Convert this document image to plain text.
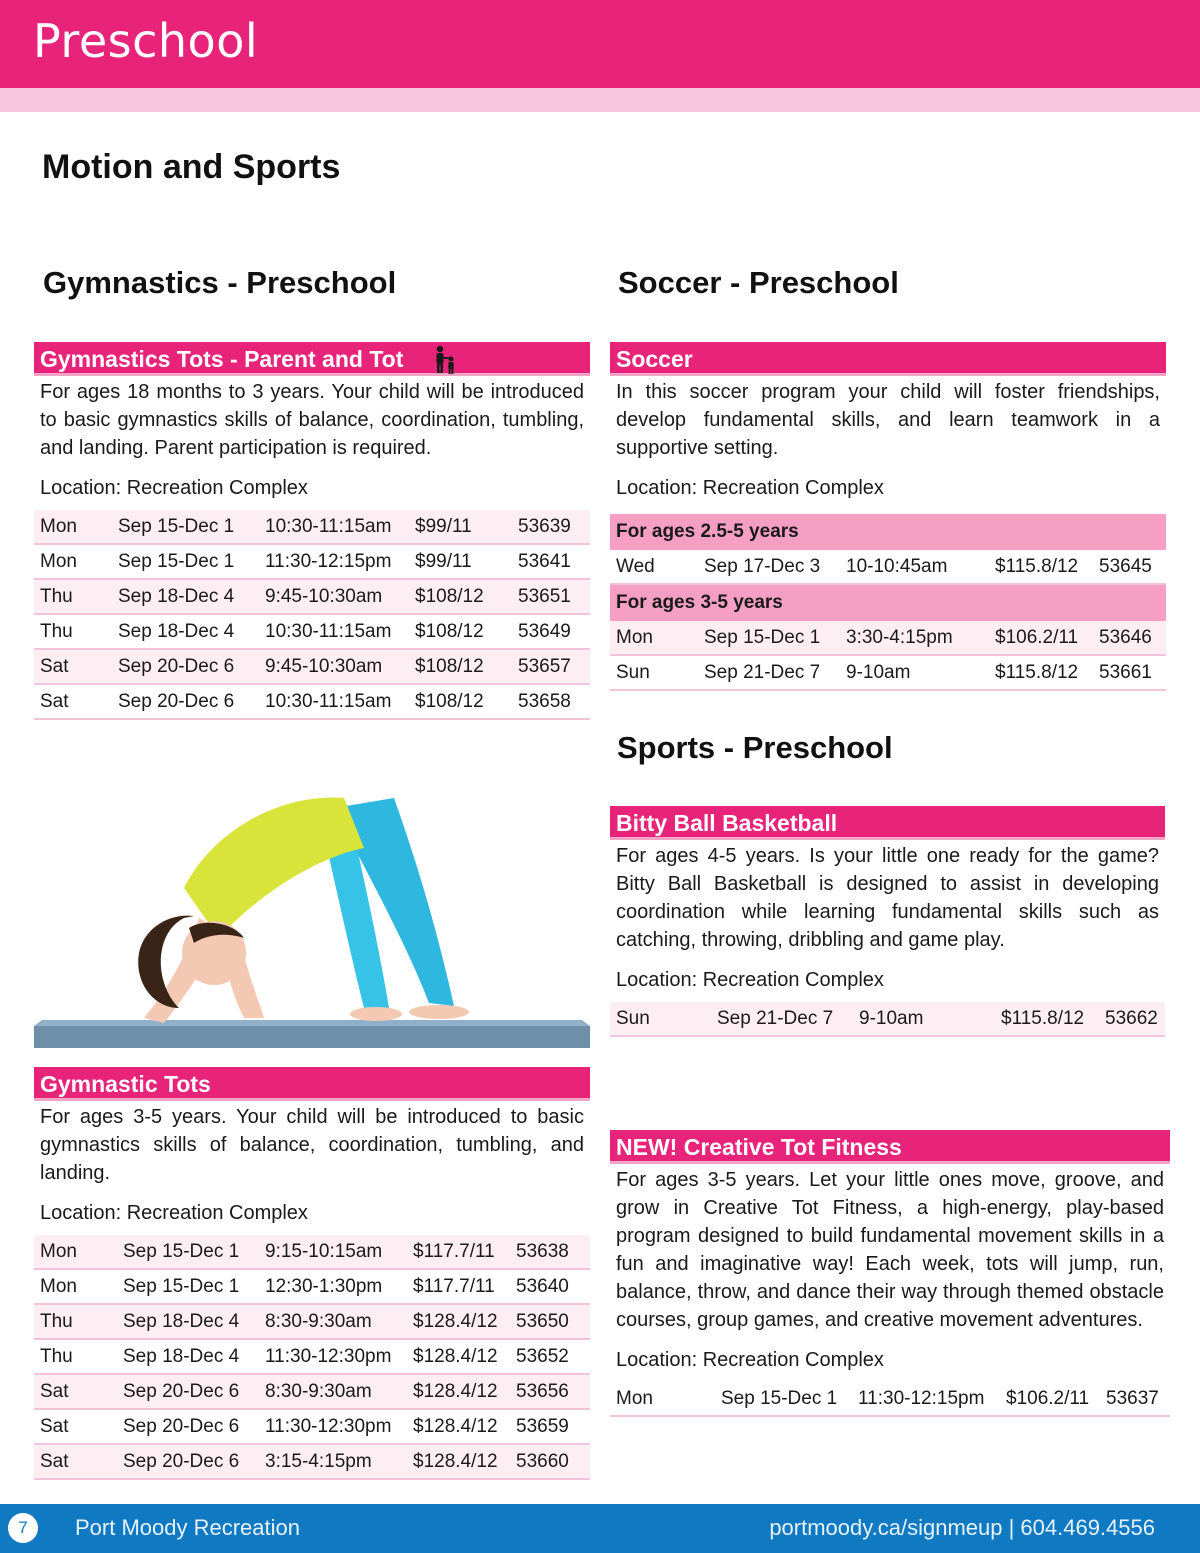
Preschool
Motion and Sports
Gymnastics - Preschool
Gymnastics Tots - Parent and Tot
For ages 18 months to 3 years. Your child will be introduced to basic gymnastics skills of balance, coordination, tumbling, and landing. Parent participation is required.
Location: Recreation Complex
Mon	Sep 15-Dec 1	10:30-11:15am	$99/11	53639
Mon	Sep 15-Dec 1	11:30-12:15pm	$99/11	53641
Thu	Sep 18-Dec 4	9:45-10:30am	$108/12	53651
Thu	Sep 18-Dec 4	10:30-11:15am	$108/12	53649
Sat	Sep 20-Dec 6	9:45-10:30am	$108/12	53657
Sat	Sep 20-Dec 6	10:30-11:15am	$108/12	53658
Gymnastic Tots
For ages 3-5 years. Your child will be introduced to basic gymnastics skills of balance, coordination, tumbling, and landing.
Location: Recreation Complex
Mon	Sep 15-Dec 1	9:15-10:15am	$117.7/11	53638
Mon	Sep 15-Dec 1	12:30-1:30pm	$117.7/11	53640
Thu	Sep 18-Dec 4	8:30-9:30am	$128.4/12	53650
Thu	Sep 18-Dec 4	11:30-12:30pm	$128.4/12	53652
Sat	Sep 20-Dec 6	8:30-9:30am	$128.4/12	53656
Sat	Sep 20-Dec 6	11:30-12:30pm	$128.4/12	53659
Sat	Sep 20-Dec 6	3:15-4:15pm	$128.4/12	53660
Soccer - Preschool
Soccer
In this soccer program your child will foster friendships, develop fundamental skills, and learn teamwork in a supportive setting.
Location: Recreation Complex
For ages 2.5-5 years
Wed	Sep 17-Dec 3	10-10:45am	$115.8/12	53645
For ages 3-5 years
Mon	Sep 15-Dec 1	3:30-4:15pm	$106.2/11	53646
Sun	Sep 21-Dec 7	9-10am	$115.8/12	53661
Sports - Preschool
Bitty Ball Basketball
For ages 4-5 years. Is your little one ready for the game? Bitty Ball Basketball is designed to assist in developing coordination while learning fundamental skills such as catching, throwing, dribbling and game play.
Location: Recreation Complex
Sun	Sep 21-Dec 7	9-10am	$115.8/12	53662
NEW! Creative Tot Fitness
For ages 3-5 years. Let your little ones move, groove, and grow in Creative Tot Fitness, a high-energy, play-based program designed to build fundamental movement skills in a fun and imaginative way! Each week, tots will jump, run, balance, throw, and dance their way through themed obstacle courses, group games, and creative movement adventures.
Location: Recreation Complex
Mon	Sep 15-Dec 1	11:30-12:15pm	$106.2/11	53637
7	Port Moody Recreation	portmoody.ca/signmeup | 604.469.4556
